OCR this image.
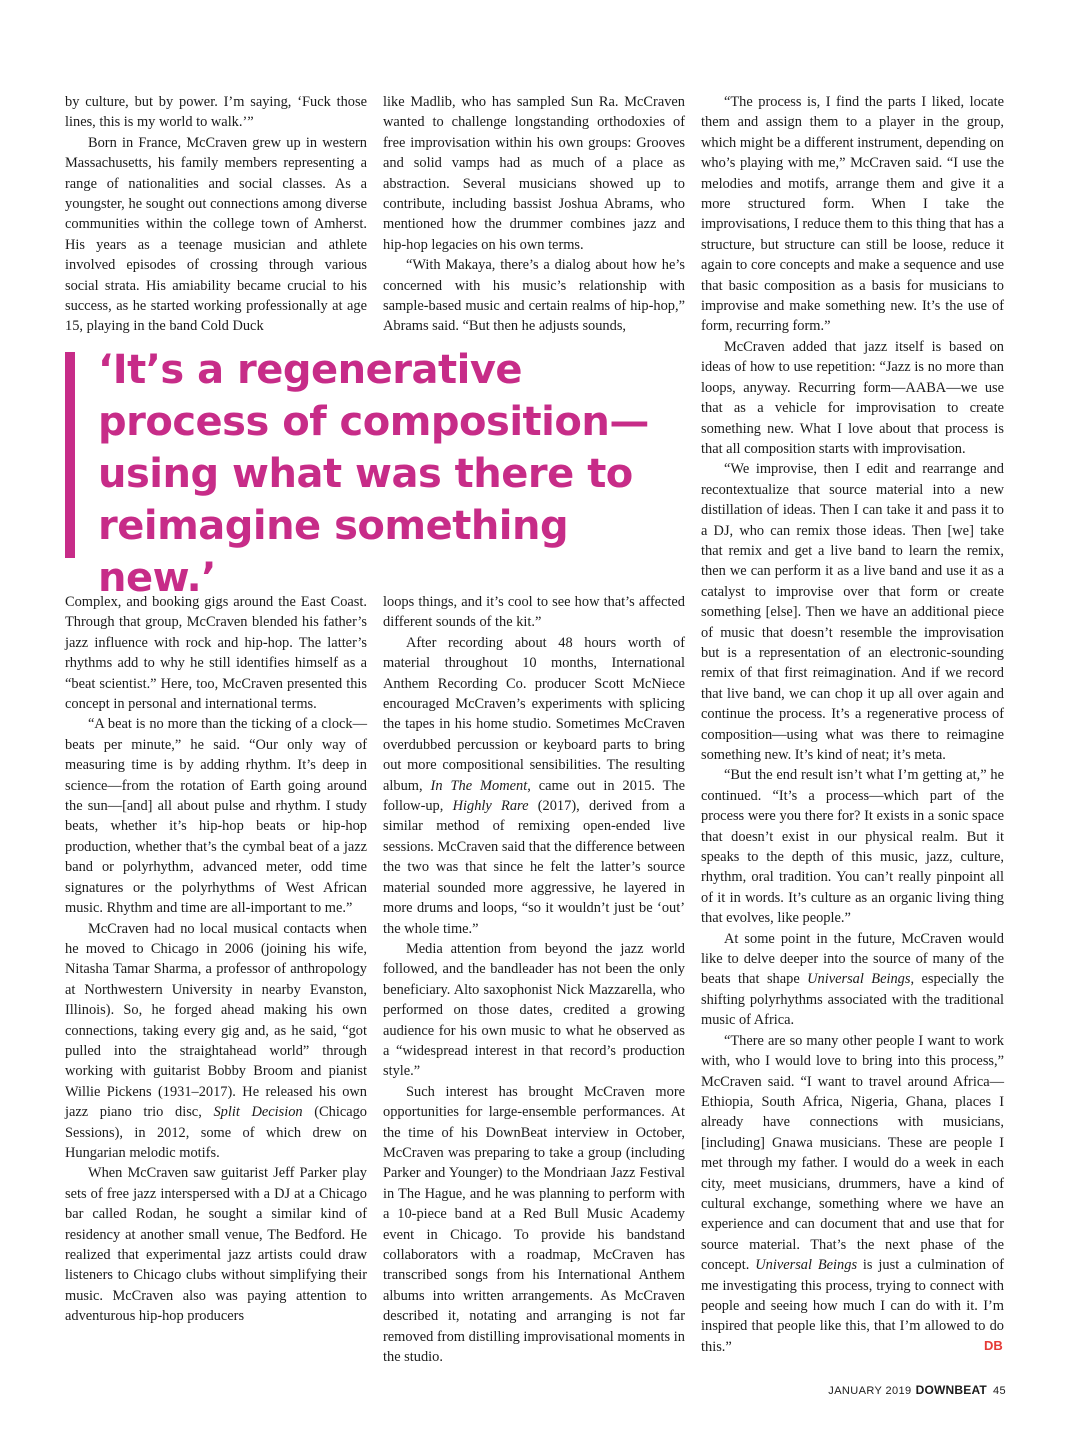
by culture, but by power. I’m saying, ‘Fuck those lines, this is my world to walk.’”

Born in France, McCraven grew up in western Massachusetts, his family members representing a range of nationalities and social classes. As a youngster, he sought out connections among diverse communities within the college town of Amherst. His years as a teenage musician and athlete involved episodes of crossing through various social strata. His amiability became crucial to his success, as he started working professionally at age 15, playing in the band Cold Duck

like Madlib, who has sampled Sun Ra. McCraven wanted to challenge longstanding orthodoxies of free improvisation within his own groups: Grooves and solid vamps had as much of a place as abstraction. Several musicians showed up to contribute, including bassist Joshua Abrams, who mentioned how the drummer combines jazz and hip-hop legacies on his own terms.

“With Makaya, there’s a dialog about how he’s concerned with his music’s relationship with sample-based music and certain realms of hip-hop,” Abrams said. “But then he adjusts sounds,

‘It’s a regenerative process of composition—using what was there to reimagine something new.’

Complex, and booking gigs around the East Coast. Through that group, McCraven blended his father’s jazz influence with rock and hip-hop. The latter’s rhythms add to why he still identifies himself as a “beat scientist.” Here, too, McCraven presented this concept in personal and international terms.

“A beat is no more than the ticking of a clock—beats per minute,” he said. “Our only way of measuring time is by adding rhythm. It’s deep in science—from the rotation of Earth going around the sun—[and] all about pulse and rhythm. I study beats, whether it’s hip-hop beats or hip-hop production, whether that’s the cymbal beat of a jazz band or polyrhythm, advanced meter, odd time signatures or the polyrhythms of West African music. Rhythm and time are all-important to me.”

McCraven had no local musical contacts when he moved to Chicago in 2006 (joining his wife, Nitasha Tamar Sharma, a professor of anthropology at Northwestern University in nearby Evanston, Illinois). So, he forged ahead making his own connections, taking every gig and, as he said, “got pulled into the straightahead world” through working with guitarist Bobby Broom and pianist Willie Pickens (1931–2017). He released his own jazz piano trio disc, Split Decision (Chicago Sessions), in 2012, some of which drew on Hungarian melodic motifs.

When McCraven saw guitarist Jeff Parker play sets of free jazz interspersed with a DJ at a Chicago bar called Rodan, he sought a similar kind of residency at another small venue, The Bedford. He realized that experimental jazz artists could draw listeners to Chicago clubs without simplifying their music. McCraven also was paying attention to adventurous hip-hop producers

loops things, and it’s cool to see how that’s affected different sounds of the kit.”

After recording about 48 hours worth of material throughout 10 months, International Anthem Recording Co. producer Scott McNiece encouraged McCraven’s experiments with splicing the tapes in his home studio. Sometimes McCraven overdubbed percussion or keyboard parts to bring out more compositional sensibilities. The resulting album, In The Moment, came out in 2015. The follow-up, Highly Rare (2017), derived from a similar method of remixing open-ended live sessions. McCraven said that the difference between the two was that since he felt the latter’s source material sounded more aggressive, he layered in more drums and loops, “so it wouldn’t just be ‘out’ the whole time.”

Media attention from beyond the jazz world followed, and the bandleader has not been the only beneficiary. Alto saxophonist Nick Mazzarella, who performed on those dates, credited a growing audience for his own music to what he observed as a “widespread interest in that record’s production style.”

Such interest has brought McCraven more opportunities for large-ensemble performances. At the time of his DownBeat interview in October, McCraven was preparing to take a group (including Parker and Younger) to the Mondriaan Jazz Festival in The Hague, and he was planning to perform with a 10-piece band at a Red Bull Music Academy event in Chicago. To provide his bandstand collaborators with a roadmap, McCraven has transcribed songs from his International Anthem albums into written arrangements. As McCraven described it, notating and arranging is not far removed from distilling improvisational moments in the studio.

“The process is, I find the parts I liked, locate them and assign them to a player in the group, which might be a different instrument, depending on who’s playing with me,” McCraven said. “I use the melodies and motifs, arrange them and give it a more structured form. When I take the improvisations, I reduce them to this thing that has a structure, but structure can still be loose, reduce it again to core concepts and make a sequence and use that basic composition as a basis for musicians to improvise and make something new. It’s the use of form, recurring form.”

McCraven added that jazz itself is based on ideas of how to use repetition: “Jazz is no more than loops, anyway. Recurring form—AABA—we use that as a vehicle for improvisation to create something new. What I love about that process is that all composition starts with improvisation.

“We improvise, then I edit and rearrange and recontextualize that source material into a new distillation of ideas. Then I can take it and pass it to a DJ, who can remix those ideas. Then [we] take that remix and get a live band to learn the remix, then we can perform it as a live band and use it as a catalyst to improvise over that form or create something [else]. Then we have an additional piece of music that doesn’t resemble the improvisation but is a representation of an electronic-sounding remix of that first reimagination. And if we record that live band, we can chop it up all over again and continue the process. It’s a regenerative process of composition—using what was there to reimagine something new. It’s kind of neat; it’s meta.

“But the end result isn’t what I’m getting at,” he continued. “It’s a process—which part of the process were you there for? It exists in a sonic space that doesn’t exist in our physical realm. But it speaks to the depth of this music, jazz, culture, rhythm, oral tradition. You can’t really pinpoint all of it in words. It’s culture as an organic living thing that evolves, like people.”

At some point in the future, McCraven would like to delve deeper into the source of many of the beats that shape Universal Beings, especially the shifting polyrhythms associated with the traditional music of Africa.

“There are so many other people I want to work with, who I would love to bring into this process,” McCraven said. “I want to travel around Africa—Ethiopia, South Africa, Nigeria, Ghana, places I already have connections with musicians, [including] Gnawa musicians. These are people I met through my father. I would do a week in each city, meet musicians, drummers, have a kind of cultural exchange, something where we have an experience and can document that and use that for source material. That’s the next phase of the concept. Universal Beings is just a culmination of me investigating this process, trying to connect with people and seeing how much I can do with it. I’m inspired that people like this, that I’m allowed to do this.”	DB
JANUARY 2019 DOWNBEAT 45
